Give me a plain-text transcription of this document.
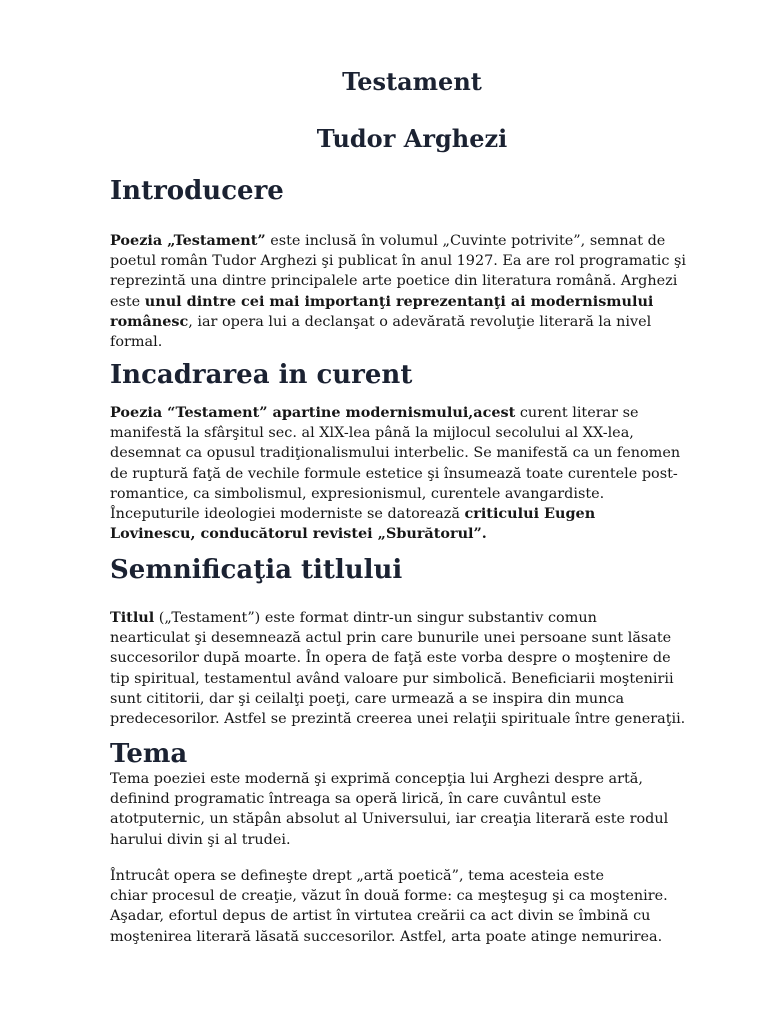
Testament
Tudor Arghezi
Introducere

Poezia „Testament” este inclusă în volumul „Cuvinte potrivite”, semnat de
poetul român Tudor Arghezi şi publicat în anul 1927. Ea are rol programatic şi
reprezintă una dintre principalele arte poetice din literatura română. Arghezi
este unul dintre cei mai importanţi reprezentanţi ai modernismului
românesc, iar opera lui a declanşat o adevărată revoluţie literară la nivel
formal.

Incadrarea in curent

Poezia “Testament” apartine modernismului,acest curent literar se
manifestă la sfârşitul sec. al XlX-lea până la mijlocul secolului al XX-lea,
desemnat ca opusul tradiţionalismului interbelic. Se manifestă ca un fenomen
de ruptură faţă de vechile formule estetice şi însumează toate curentele post-
romantice, ca simbolismul, expresionismul, curentele avangardiste.
Începuturile ideologiei moderniste se datorează criticului Eugen
Lovinescu, conducătorul revistei „Sburătorul”.

Semnificaţia titlului

Titlul („Testament”) este format dintr-un singur substantiv comun
nearticulat şi desemnează actul prin care bunurile unei persoane sunt lăsate
succesorilor după moarte. În opera de faţă este vorba despre o moştenire de
tip spiritual, testamentul având valoare pur simbolică. Beneficiarii moştenirii
sunt cititorii, dar şi ceilalţi poeţi, care urmează a se inspira din munca
predecesorilor. Astfel se prezintă creerea unei relaţii spirituale între generaţii.

Tema

Tema poeziei este modernă şi exprimă concepţia lui Arghezi despre artă,
definind programatic întreaga sa operă lirică, în care cuvântul este
atotputernic, un stăpân absolut al Universului, iar creaţia literară este rodul
harului divin şi al trudei.

Întrucât opera se defineşte drept „artă poetică”, tema acesteia este
chiar procesul de creaţie, văzut în două forme: ca meşteşug şi ca moştenire.
Aşadar, efortul depus de artist în virtutea creării ca act divin se îmbină cu
moştenirea literară lăsată succesorilor. Astfel, arta poate atinge nemurirea.
